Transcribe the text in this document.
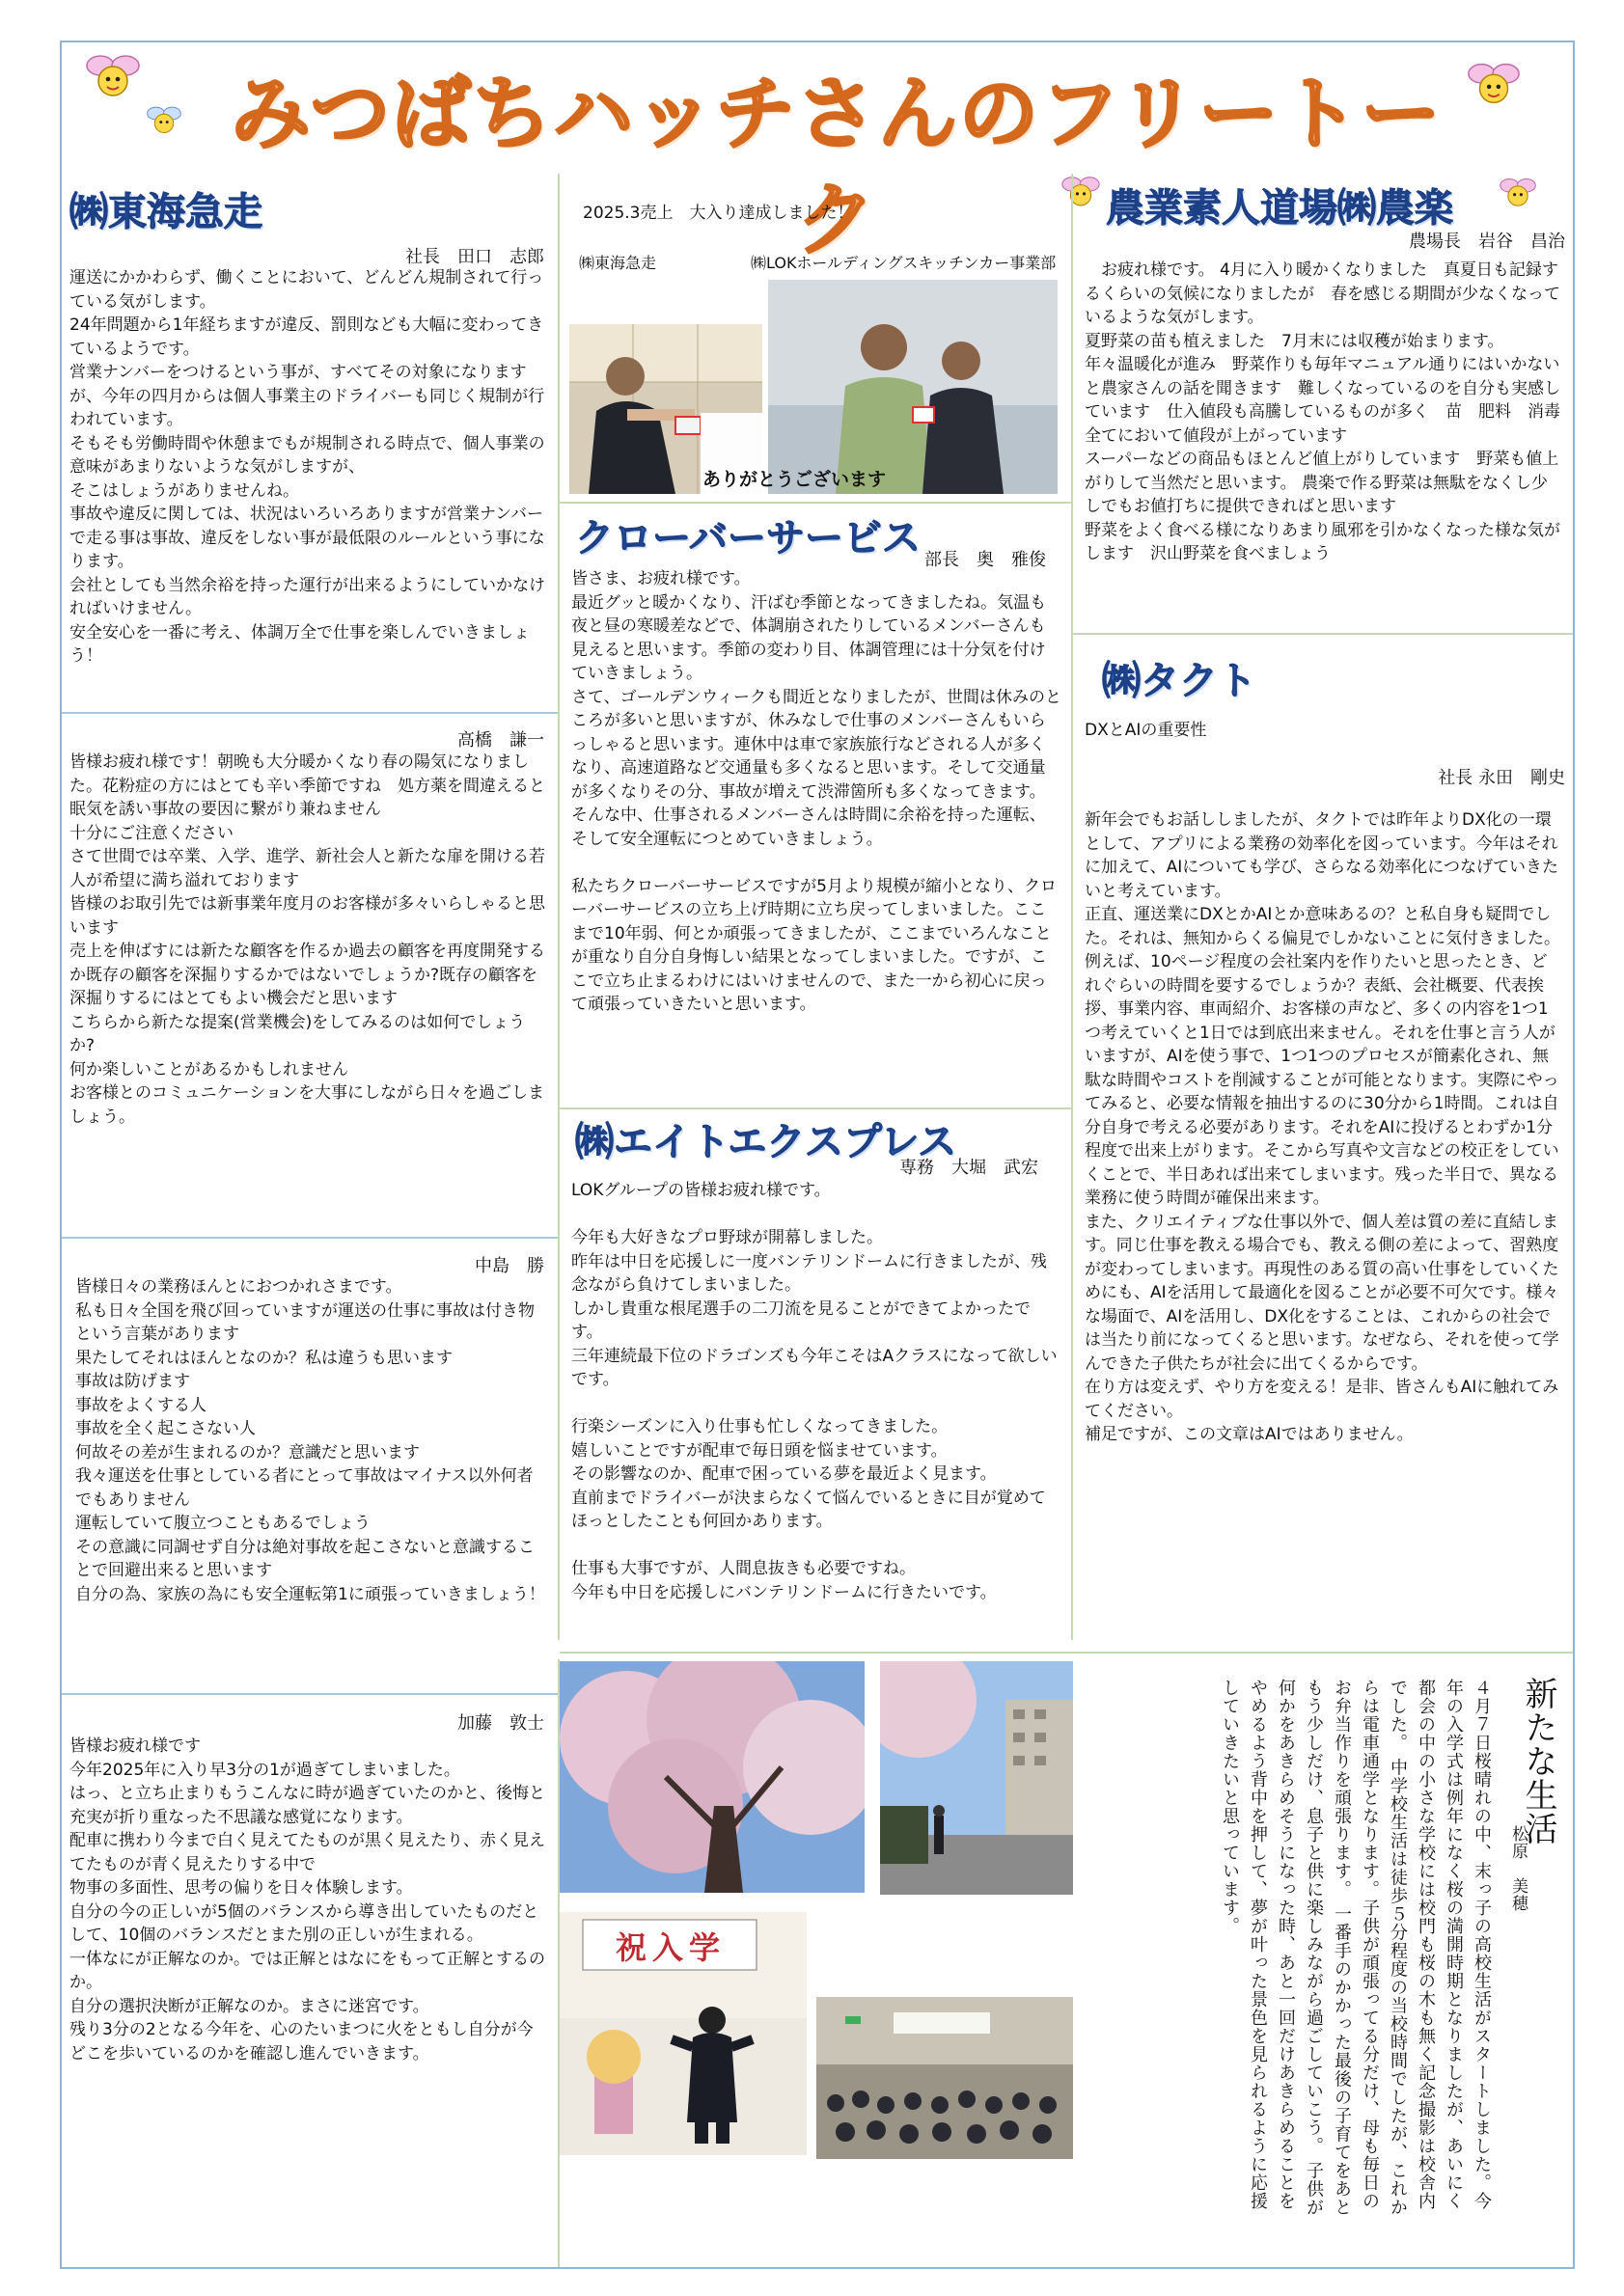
みつばちハッチさんのフリートーク
㈱東海急走
社長　田口　志郎
運送にかかわらず、働くことにおいて、どんどん規制されて行っている気がします。
24年問題から1年経ちますが違反、罰則なども大幅に変わってきているようです。
営業ナンバーをつけるという事が、すべてその対象になりますが、今年の四月からは個人事業主のドライバーも同じく規制が行われています。
そもそも労働時間や休憩までもが規制される時点で、個人事業の意味があまりないような気がしますが、
そこはしょうがありませんね。
事故や違反に関しては、状況はいろいろありますが営業ナンバーで走る事は事故、違反をしない事が最低限のルールという事になります。
会社としても当然余裕を持った運行が出来るようにしていかなければいけません。
安全安心を一番に考え、体調万全で仕事を楽しんでいきましょう！
高橋　謙一
皆様お疲れ様です！朝晩も大分暖かくなり春の陽気になりました。花粉症の方にはとても辛い季節ですね　処方薬を間違えると眠気を誘い事故の要因に繋がり兼ねません
十分にご注意ください
さて世間では卒業、入学、進学、新社会人と新たな扉を開ける若人が希望に満ち溢れております
皆様のお取引先では新事業年度月のお客様が多々いらしゃると思います
売上を伸ばすには新たな顧客を作るか過去の顧客を再度開発するか既存の顧客を深掘りするかではないでしょうか?既存の顧客を深掘りするにはとてもよい機会だと思います
こちらから新たな提案(営業機会)をしてみるのは如何でしょうか?
何か楽しいことがあるかもしれません
お客様とのコミュニケーションを大事にしながら日々を過ごしましょう。
中島　勝
皆様日々の業務ほんとにおつかれさまです。
私も日々全国を飛び回っていますが運送の仕事に事故は付き物という言葉があります
果たしてそれはほんとなのか？私は違うも思います
事故は防げます
事故をよくする人
事故を全く起こさない人
何故その差が生まれるのか？意識だと思います
我々運送を仕事としている者にとって事故はマイナス以外何者でもありません
運転していて腹立つこともあるでしょう
その意識に同調せず自分は絶対事故を起こさないと意識することで回避出来ると思います
自分の為、家族の為にも安全運転第1に頑張っていきましょう！
加藤　敦士
皆様お疲れ様です
今年2025年に入り早3分の1が過ぎてしまいました。
はっ、と立ち止まりもうこんなに時が過ぎていたのかと、後悔と充実が折り重なった不思議な感覚になります。
配車に携わり今まで白く見えてたものが黒く見えたり、赤く見えてたものが青く見えたりする中で
物事の多面性、思考の偏りを日々体験します。
自分の今の正しいが5個のバランスから導き出していたものだとして、10個のバランスだとまた別の正しいが生まれる。
一体なにが正解なのか。では正解とはなにをもって正解とするのか。
自分の選択決断が正解なのか。まさに迷宮です。
残り3分の2となる今年を、心のたいまつに火をともし自分が今どこを歩いているのかを確認し進んでいきます。
2025.3売上　大入り達成しました！
㈱東海急走	㈱LOKホールディングスキッチンカー事業部
ありがとうございます
クローバーサービス 部長　奥　雅俊
皆さま、お疲れ様です。
最近グッと暖かくなり、汗ばむ季節となってきましたね。気温も夜と昼の寒暖差などで、体調崩されたりしているメンバーさんも見えると思います。季節の変わり目、体調管理には十分気を付けていきましょう。
さて、ゴールデンウィークも間近となりましたが、世間は休みのところが多いと思いますが、休みなしで仕事のメンバーさんもいらっしゃると思います。連休中は車で家族旅行などされる人が多くなり、高速道路など交通量も多くなると思います。そして交通量が多くなりその分、事故が増えて渋滞箇所も多くなってきます。そんな中、仕事されるメンバーさんは時間に余裕を持った運転、そして安全運転につとめていきましょう。

私たちクローバーサービスですが5月より規模が縮小となり、クローバーサービスの立ち上げ時期に立ち戻ってしまいました。ここまで10年弱、何とか頑張ってきましたが、ここまでいろんなことが重なり自分自身悔しい結果となってしまいました。ですが、ここで立ち止まるわけにはいけませんので、また一から初心に戻って頑張っていきたいと思います。
㈱エイトエクスプレス
専務　大堀　武宏
LOKグループの皆様お疲れ様です。

今年も大好きなプロ野球が開幕しました。
昨年は中日を応援しに一度バンテリンドームに行きましたが、残念ながら負けてしまいました。
しかし貴重な根尾選手の二刀流を見ることができてよかったです。
三年連続最下位のドラゴンズも今年こそはAクラスになって欲しいです。

行楽シーズンに入り仕事も忙しくなってきました。
嬉しいことですが配車で毎日頭を悩ませています。
その影響なのか、配車で困っている夢を最近よく見ます。
直前までドライバーが決まらなくて悩んでいるときに目が覚めてほっとしたことも何回かあります。

仕事も大事ですが、人間息抜きも必要ですね。
今年も中日を応援しにバンテリンドームに行きたいです。
農業素人道場㈱農楽
農場長　岩谷　昌治
　お疲れ様です。 4月に入り暖かくなりました　真夏日も記録するくらいの気候になりましたが　春を感じる期間が少なくなっているような気がします。
夏野菜の苗も植えました　7月末には収穫が始まります。
年々温暖化が進み　野菜作りも毎年マニュアル通りにはいかないと農家さんの話を聞きます　難しくなっているのを自分も実感しています　仕入値段も高騰しているものが多く　苗　肥料　消毒　全てにおいて値段が上がっています
スーパーなどの商品もほとんど値上がりしています　野菜も値上がりして当然だと思います。 農楽で作る野菜は無駄をなくし少しでもお値打ちに提供できればと思います
野菜をよく食べる様になりあまり風邪を引かなくなった様な気がします　沢山野菜を食べましょう
㈱タクト
DXとAIの重要性
社長 永田　剛史
新年会でもお話ししましたが、タクトでは昨年よりDX化の一環として、アプリによる業務の効率化を図っています。今年はそれに加えて、AIについても学び、さらなる効率化につなげていきたいと考えています。
正直、運送業にDXとかAIとか意味あるの？と私自身も疑問でした。それは、無知からくる偏見でしかないことに気付きました。
例えば、10ページ程度の会社案内を作りたいと思ったとき、どれぐらいの時間を要するでしょうか？表紙、会社概要、代表挨拶、事業内容、車両紹介、お客様の声など、多くの内容を1つ1つ考えていくと1日では到底出来ません。それを仕事と言う人がいますが、AIを使う事で、1つ1つのプロセスが簡素化され、無駄な時間やコストを削減することが可能となります。実際にやってみると、必要な情報を抽出するのに30分から1時間。これは自分自身で考える必要があります。それをAIに投げるとわずか1分程度で出来上がります。そこから写真や文言などの校正をしていくことで、半日あれば出来てしまいます。残った半日で、異なる業務に使う時間が確保出来ます。
また、クリエイティブな仕事以外で、個人差は質の差に直結します。同じ仕事を教える場合でも、教える側の差によって、習熟度が変わってしまいます。再現性のある質の高い仕事をしていくためにも、AIを活用して最適化を図ることが必要不可欠です。様々な場面で、AIを活用し、DX化をすることは、これからの社会では当たり前になってくると思います。なぜなら、それを使って学んできた子供たちが社会に出てくるからです。
在り方は変えず、やり方を変える！是非、皆さんもAIに触れてみてください。
補足ですが、この文章はAIではありません。
祝入学
新たな生活
松原　美穂
４月７日桜晴れの中、末っ子の高校生活がスタートしました。今年の入学式は例年になく桜の満開時期となりましたが、あいにく都会の中の小さな学校には校門も桜の木も無く記念撮影は校舎内でした。 中学校生活は徒歩５分程度の当校時間でしたが、これからは電車通学となります。子供が頑張ってる分だけ、母も毎日のお弁当作りを頑張ります。 一番手のかかった最後の子育てをあともう少しだけ、息子と供に楽しみながら過ごしていこう。 子供が何かをあきらめそうになった時、あと一回だけあきらめることをやめるよう背中を押して、夢が叶った景色を見られるように応援していきたいと思っています。
